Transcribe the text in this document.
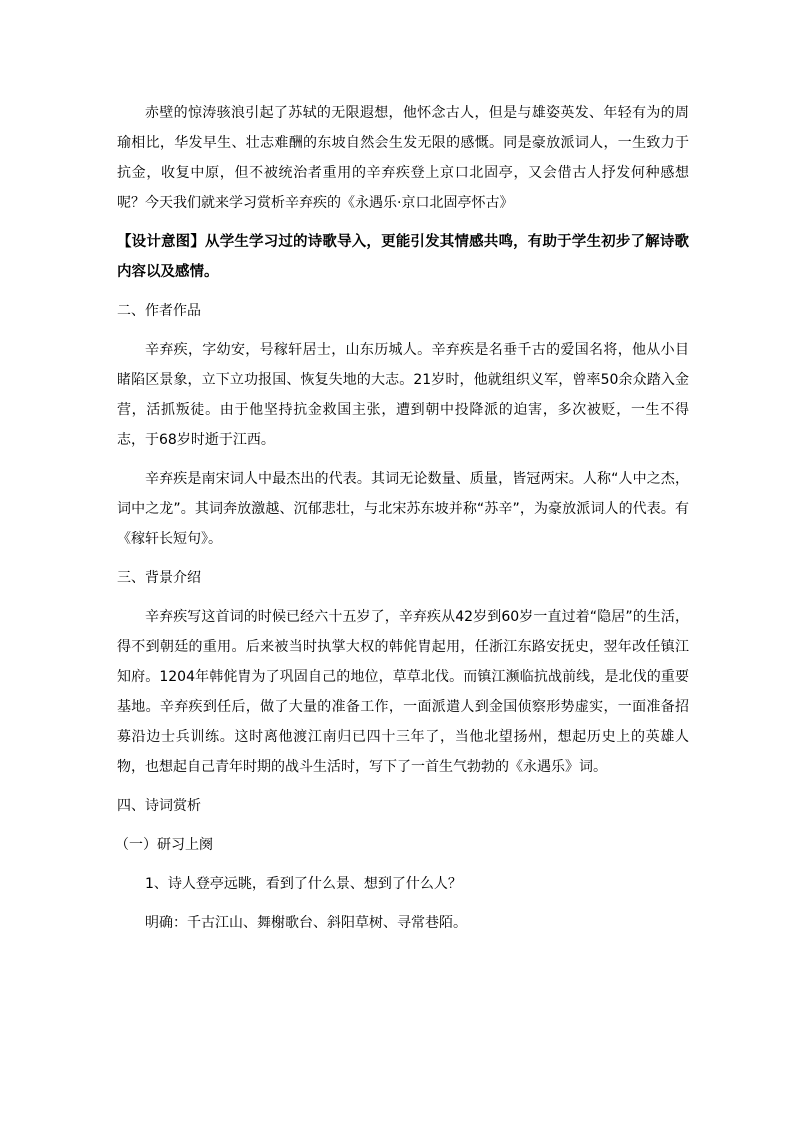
赤壁的惊涛骇浪引起了苏轼的无限遐想，他怀念古人，但是与雄姿英发、年轻有为的周瑜相比，华发早生、壮志难酬的东坡自然会生发无限的感慨。同是豪放派词人，一生致力于抗金，收复中原，但不被统治者重用的辛弃疾登上京口北固亭，又会借古人抒发何种感想呢？今天我们就来学习赏析辛弃疾的《永遇乐·京口北固亭怀古》

【设计意图】从学生学习过的诗歌导入，更能引发其情感共鸣，有助于学生初步了解诗歌内容以及感情。

二、作者作品

辛弃疾，字幼安，号稼轩居士，山东历城人。辛弃疾是名垂千古的爱国名将，他从小目睹陷区景象，立下立功报国、恢复失地的大志。21岁时，他就组织义军，曾率50余众踏入金营，活抓叛徒。由于他坚持抗金救国主张，遭到朝中投降派的迫害，多次被贬，一生不得志，于68岁时逝于江西。

辛弃疾是南宋词人中最杰出的代表。其词无论数量、质量，皆冠两宋。人称“人中之杰，词中之龙”。其词奔放激越、沉郁悲壮，与北宋苏东坡并称“苏辛”，为豪放派词人的代表。有《稼轩长短句》。

三、背景介绍

辛弃疾写这首词的时候已经六十五岁了，辛弃疾从42岁到60岁一直过着“隐居”的生活，得不到朝廷的重用。后来被当时执掌大权的韩侂胄起用，任浙江东路安抚史，翌年改任镇江知府。1204年韩侂胄为了巩固自己的地位，草草北伐。而镇江濒临抗战前线，是北伐的重要基地。辛弃疾到任后，做了大量的准备工作，一面派遣人到金国侦察形势虚实，一面准备招募沿边士兵训练。这时离他渡江南归已四十三年了，当他北望扬州，想起历史上的英雄人物，也想起自己青年时期的战斗生活时，写下了一首生气勃勃的《永遇乐》词。

四、诗词赏析

（一）研习上阕

1、诗人登亭远眺，看到了什么景、想到了什么人？

明确：千古江山、舞榭歌台、斜阳草树、寻常巷陌。
